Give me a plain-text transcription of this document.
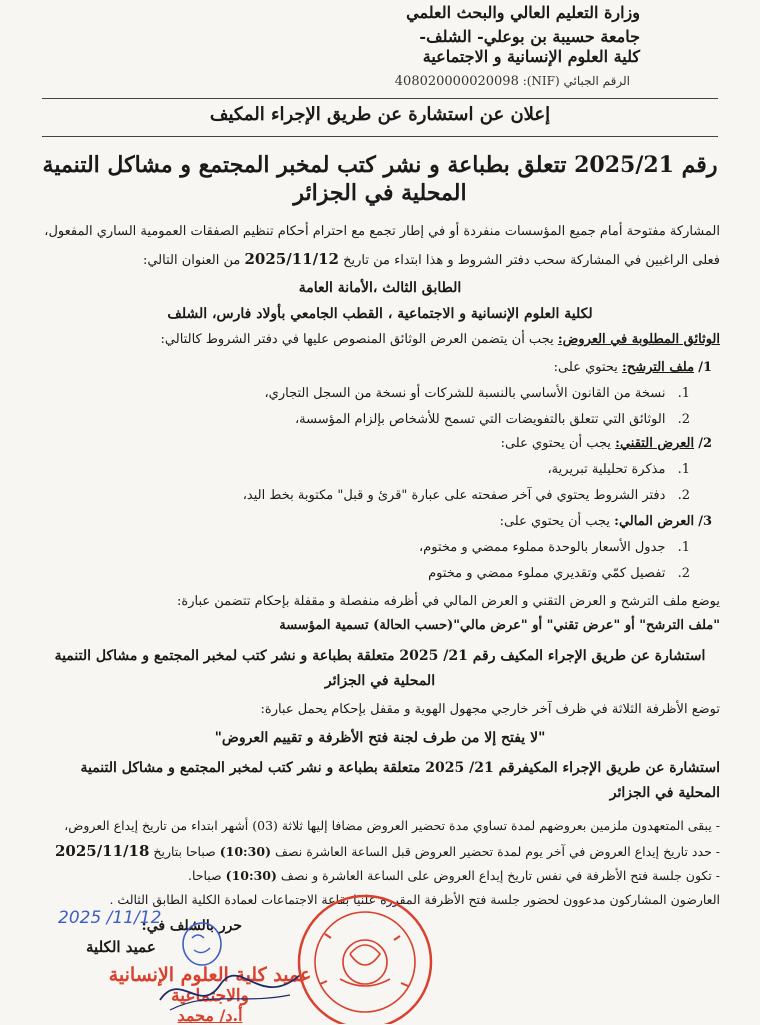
وزارة التعليم العالي والبحث العلمي
جامعة حسيبة بن بوعلي- الشلف-
كلية العلوم الإنسانية و الاجتماعية
الرقم الجبائي (NIF): 408020000020098
إعلان عن استشارة عن طريق الإجراء المكيف
رقم 2025/21 تتعلق بطباعة و نشر كتب لمخبر المجتمع و مشاكل التنمية المحلية في الجزائر
المشاركة مفتوحة أمام جميع المؤسسات منفردة أو في إطار تجمع مع احترام أحكام تنظيم الصفقات العمومية الساري المفعول،
فعلى الراغبين في المشاركة سحب دفتر الشروط و هذا ابتداء من تاريخ 2025/11/12 من العنوان التالي:
الطابق الثالث ،الأمانة العامة
لكلية العلوم الإنسانية و الاجتماعية ، القطب الجامعي بأولاد فارس، الشلف
الوثائق المطلوبة في العروض: يجب أن يتضمن العرض الوثائق المنصوص عليها في دفتر الشروط كالتالي:
1/ ملف الترشح: يحتوي على:
1. نسخة من القانون الأساسي بالنسبة للشركات أو نسخة من السجل التجاري،
2. الوثائق التي تتعلق بالتفويضات التي تسمح للأشخاص بإلزام المؤسسة،
2/ العرض التقني: يجب أن يحتوي على:
1. مذكرة تحليلية تبريرية،
2. دفتر الشروط يحتوي في آخر صفحته على عبارة "قرئ و قبل" مكتوبة بخط اليد،
3/ العرض المالي: يجب أن يحتوي على:
1. جدول الأسعار بالوحدة مملوء ممضي و مختوم،
2. تفصيل كمّي وتقديري مملوء ممضي و مختوم
يوضع ملف الترشح و العرض التقني و العرض المالي في أظرفه منفصلة و مقفلة بإحكام تتضمن عبارة:
"ملف الترشح" أو "عرض تقني" أو "عرض مالي"(حسب الحالة) تسمية المؤسسة
استشارة عن طريق الإجراء المكيف رقم 21/ 2025 متعلقة بطباعة و نشر كتب لمخبر المجتمع و مشاكل التنمية المحلية في الجزائر
توضع الأظرفة الثلاثة في ظرف آخر خارجي مجهول الهوية و مقفل بإحكام يحمل عبارة:
"لا يفتح إلا من طرف لجنة فتح الأظرفة و تقييم العروض"
استشارة عن طريق الإجراء المكيفرقم 21/ 2025 متعلقة بطباعة و نشر كتب لمخبر المجتمع و مشاكل التنمية المحلية في الجزائر
- يبقى المتعهدون ملزمين بعروضهم لمدة تساوي مدة تحضير العروض مضافا إليها ثلاثة (03) أشهر ابتداء من تاريخ إيداع العروض،
- حدد تاريخ إيداع العروض في آخر يوم لمدة تحضير العروض قبل الساعة العاشرة نصف (10:30) صباحا بتاريخ 2025/11/18
- تكون جلسة فتح الأظرفة في نفس تاريخ إيداع العروض على الساعة العاشرة و نصف (10:30) صباحا.
العارضون المشاركون مدعوون لحضور جلسة فتح الأظرفة المقررة علنيا بقاعة الاجتماعات لعمادة الكلية الطابق الثالث .
حرر بالشلف في:
2025 /11/12
عميد الكلية
عميد كلية العلوم الإنسانية
والاجتماعية
أ.د/ محمد
